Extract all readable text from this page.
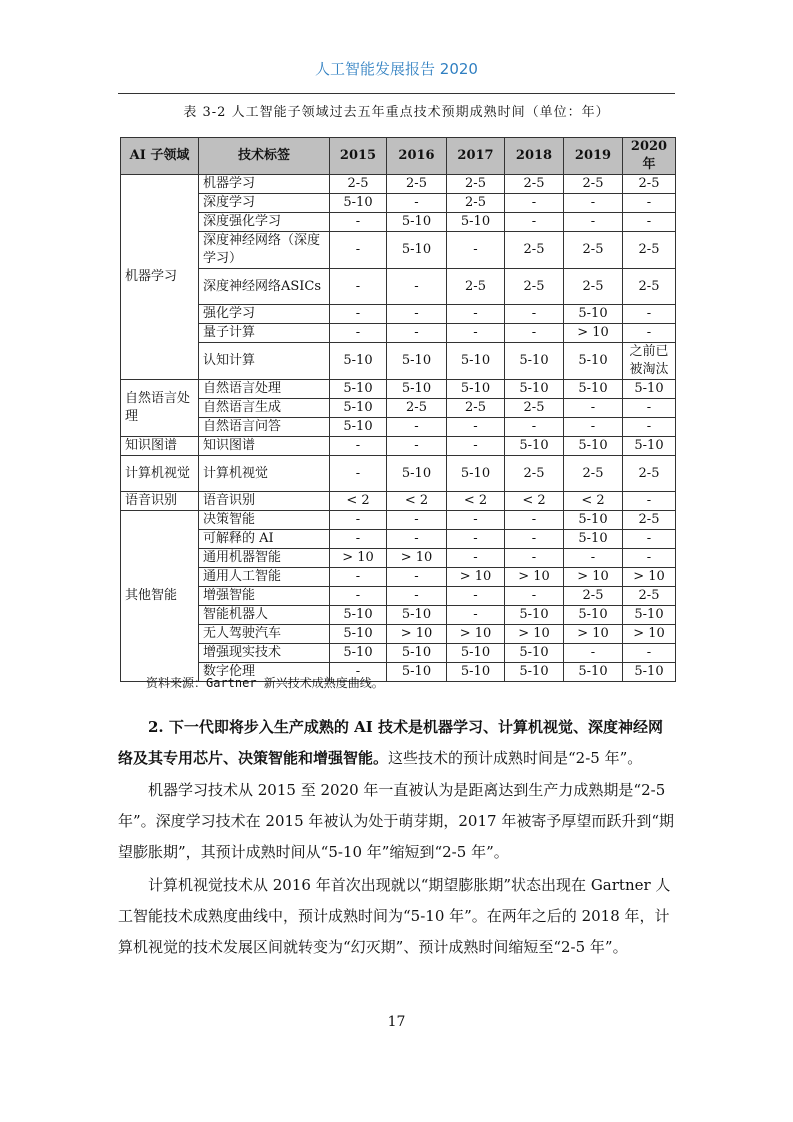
人工智能发展报告 2020
表 3-2 人工智能子领域过去五年重点技术预期成熟时间（单位：年）
AI 子领域	技术标签	2015	2016	2017	2018	2019	2020 年
机器学习	机器学习	2-5	2-5	2-5	2-5	2-5	2-5
	深度学习	5-10	-	2-5	-	-	-
	深度强化学习	-	5-10	5-10	-	-	-
	深度神经网络（深度学习）	-	5-10	-	2-5	2-5	2-5
	深度神经网络ASICs	-	-	2-5	2-5	2-5	2-5
	强化学习	-	-	-	-	5-10	-
	量子计算	-	-	-	-	> 10	-
	认知计算	5-10	5-10	5-10	5-10	5-10	之前已被淘汰
自然语言处理	自然语言处理	5-10	5-10	5-10	5-10	5-10	5-10
	自然语言生成	5-10	2-5	2-5	2-5	-	-
	自然语言问答	5-10	-	-	-	-	-
知识图谱	知识图谱	-	-	-	5-10	5-10	5-10
计算机视觉	计算机视觉	-	5-10	5-10	2-5	2-5	2-5
语音识别	语音识别	< 2	< 2	< 2	< 2	< 2	-
其他智能	决策智能	-	-	-	-	5-10	2-5
	可解释的 AI	-	-	-	-	5-10	-
	通用机器智能	> 10	> 10	-	-	-	-
	通用人工智能	-	-	> 10	> 10	> 10	> 10
	增强智能	-	-	-	-	2-5	2-5
	智能机器人	5-10	5-10	-	5-10	5-10	5-10
	无人驾驶汽车	5-10	> 10	> 10	> 10	> 10	> 10
	增强现实技术	5-10	5-10	5-10	5-10	-	-
	数字伦理	-	5-10	5-10	5-10	5-10	5-10
资料来源：Gartner 新兴技术成熟度曲线。

2. 下一代即将步入生产成熟的 AI 技术是机器学习、计算机视觉、深度神经网络及其专用芯片、决策智能和增强智能。这些技术的预计成熟时间是“2-5 年”。

机器学习技术从 2015 至 2020 年一直被认为是距离达到生产力成熟期是“2-5 年”。深度学习技术在 2015 年被认为处于萌芽期，2017 年被寄予厚望而跃升到“期望膨胀期”，其预计成熟时间从“5-10 年”缩短到“2-5 年”。

计算机视觉技术从 2016 年首次出现就以“期望膨胀期”状态出现在 Gartner 人工智能技术成熟度曲线中，预计成熟时间为“5-10 年”。在两年之后的 2018 年，计算机视觉的技术发展区间就转变为“幻灭期”、预计成熟时间缩短至“2-5 年”。

17
